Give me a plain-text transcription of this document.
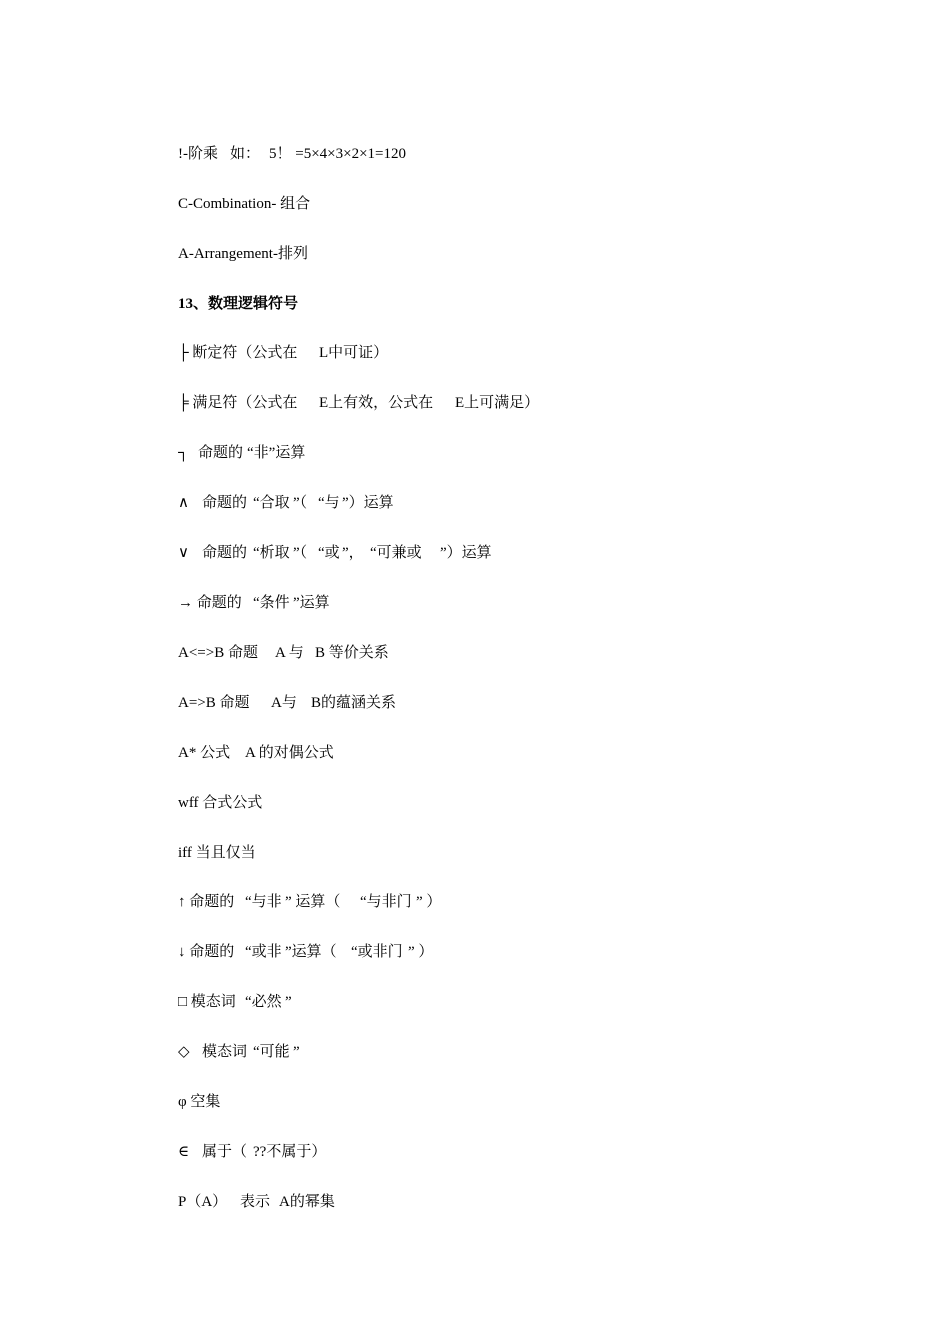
!-阶乘

如：

5！ =5×4×3×2×1=120

C-Combination- 组合

A-Arrangement-排列

13、数理逻辑符号

├ 断定符（公式在

L中可证）

╞ 满足符（公式在

E上有效，公式在

E上可满足）

┐

命题的

“非”运算

∧

命题的

“合取

”（

“与

”）运算

∨

命题的

“析取

”（

“或

”，

“可兼或

”）运算

→ 命题的

“条件

”运算

A<=>B 命题

A 与

B 等价关系

A=>B 命题

A与

B的蕴涵关系

A* 公式

A 的对偶公式

wff 合式公式

iff 当且仅当

↑ 命题的

“与非

” 运算（

“与非门

” ）

↓ 命题的

“或非

”运算（

“或非门

” ）

□ 模态词

“必然

”

◇

模态词

“可能

”

φ 空集

∈

属于（

??不属于）

P（A）

表示

A的幂集
